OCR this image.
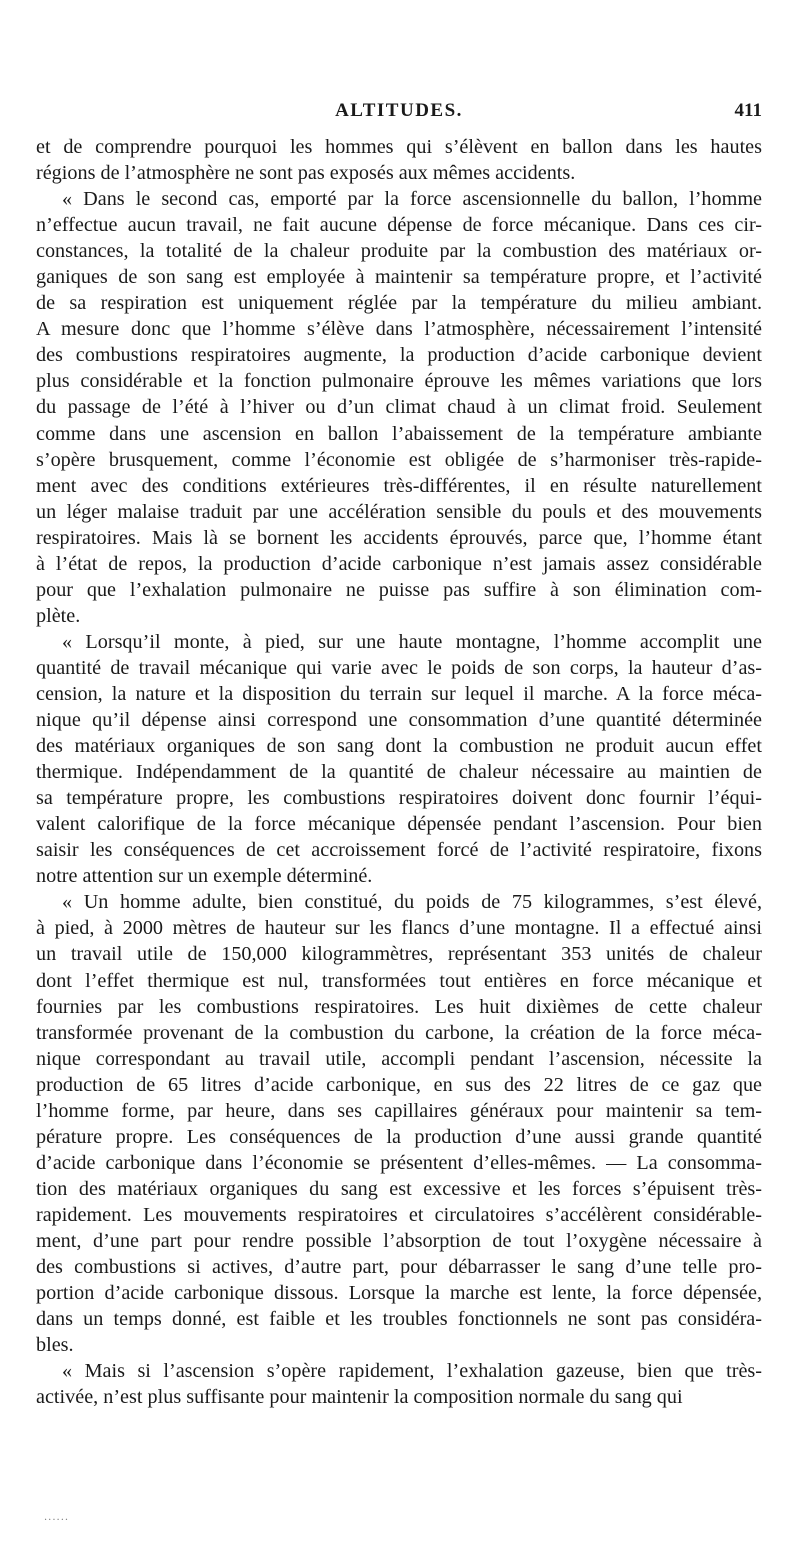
ALTITUDES.	411
et de comprendre pourquoi les hommes qui s’élèvent en ballon dans les hautes
régions de l’atmosphère ne sont pas exposés aux mêmes accidents.
« Dans le second cas, emporté par la force ascensionnelle du ballon, l’homme
n’effectue aucun travail, ne fait aucune dépense de force mécanique. Dans ces cir-
constances, la totalité de la chaleur produite par la combustion des matériaux or-
ganiques de son sang est employée à maintenir sa température propre, et l’activité
de sa respiration est uniquement réglée par la température du milieu ambiant.
A mesure donc que l’homme s’élève dans l’atmosphère, nécessairement l’intensité
des combustions respiratoires augmente, la production d’acide carbonique devient
plus considérable et la fonction pulmonaire éprouve les mêmes variations que lors
du passage de l’été à l’hiver ou d’un climat chaud à un climat froid. Seulement
comme dans une ascension en ballon l’abaissement de la température ambiante
s’opère brusquement, comme l’économie est obligée de s’harmoniser très-rapide-
ment avec des conditions extérieures très-différentes, il en résulte naturellement
un léger malaise traduit par une accélération sensible du pouls et des mouvements
respiratoires. Mais là se bornent les accidents éprouvés, parce que, l’homme étant
à l’état de repos, la production d’acide carbonique n’est jamais assez considérable
pour que l’exhalation pulmonaire ne puisse pas suffire à son élimination com-
plète.
« Lorsqu’il monte, à pied, sur une haute montagne, l’homme accomplit une
quantité de travail mécanique qui varie avec le poids de son corps, la hauteur d’as-
cension, la nature et la disposition du terrain sur lequel il marche. A la force méca-
nique qu’il dépense ainsi correspond une consommation d’une quantité déterminée
des matériaux organiques de son sang dont la combustion ne produit aucun effet
thermique. Indépendamment de la quantité de chaleur nécessaire au maintien de
sa température propre, les combustions respiratoires doivent donc fournir l’équi-
valent calorifique de la force mécanique dépensée pendant l’ascension. Pour bien
saisir les conséquences de cet accroissement forcé de l’activité respiratoire, fixons
notre attention sur un exemple déterminé.
« Un homme adulte, bien constitué, du poids de 75 kilogrammes, s’est élevé,
à pied, à 2000 mètres de hauteur sur les flancs d’une montagne. Il a effectué ainsi
un travail utile de 150,000 kilogrammètres, représentant 353 unités de chaleur
dont l’effet thermique est nul, transformées tout entières en force mécanique et
fournies par les combustions respiratoires. Les huit dixièmes de cette chaleur
transformée provenant de la combustion du carbone, la création de la force méca-
nique correspondant au travail utile, accompli pendant l’ascension, nécessite la
production de 65 litres d’acide carbonique, en sus des 22 litres de ce gaz que
l’homme forme, par heure, dans ses capillaires généraux pour maintenir sa tem-
pérature propre. Les conséquences de la production d’une aussi grande quantité
d’acide carbonique dans l’économie se présentent d’elles-mêmes. — La consomma-
tion des matériaux organiques du sang est excessive et les forces s’épuisent très-
rapidement. Les mouvements respiratoires et circulatoires s’accélèrent considérable-
ment, d’une part pour rendre possible l’absorption de tout l’oxygène nécessaire à
des combustions si actives, d’autre part, pour débarrasser le sang d’une telle pro-
portion d’acide carbonique dissous. Lorsque la marche est lente, la force dépensée,
dans un temps donné, est faible et les troubles fonctionnels ne sont pas considéra-
bles.
« Mais si l’ascension s’opère rapidement, l’exhalation gazeuse, bien que très-
activée, n’est plus suffisante pour maintenir la composition normale du sang qui
......
